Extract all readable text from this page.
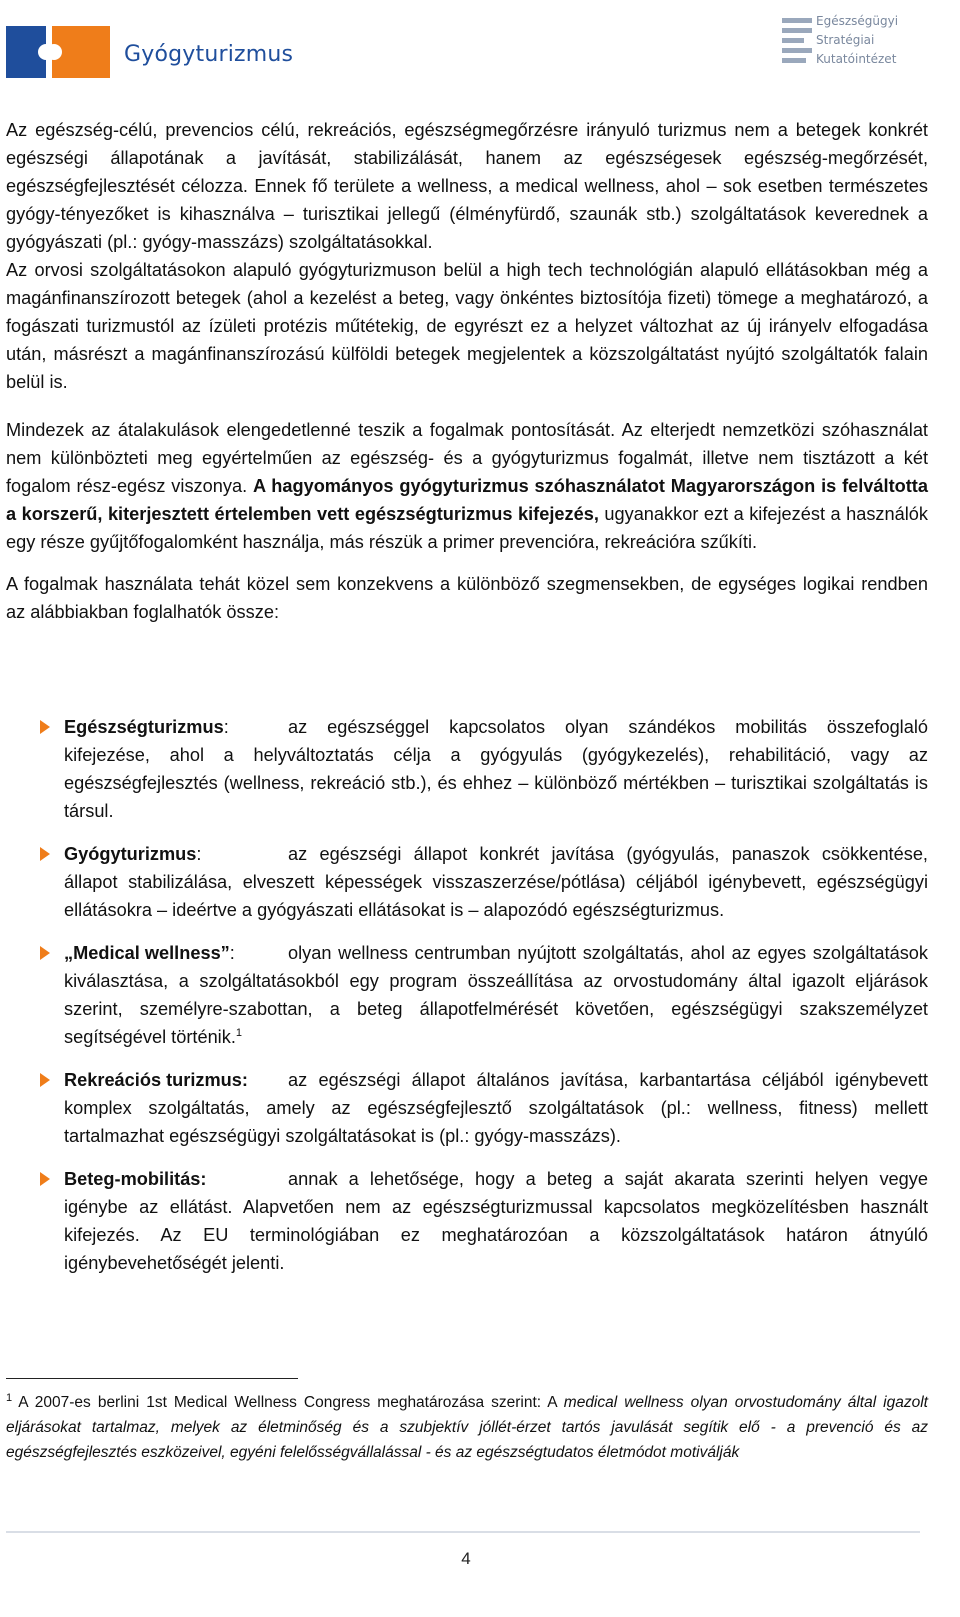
Gyógyturizmus
Egészségügyi
Stratégiai
Kutatóintézet

Az egészség-célú, prevencios célú, rekreációs, egészségmegőrzésre irányuló turizmus nem a betegek konkrét egészségi állapotának a javítását, stabilizálását, hanem az egészségesek egészség-megőrzését, egészségfejlesztését célozza. Ennek fő területe a wellness, a medical wellness, ahol – sok esetben természetes gyógy-tényezőket is kihasználva – turisztikai jellegű (élményfürdő, szaunák stb.) szolgáltatások keverednek a gyógyászati (pl.: gyógy-masszázs) szolgáltatásokkal.

Az orvosi szolgáltatásokon alapuló gyógyturizmuson belül a high tech technológián alapuló ellátásokban még a magánfinanszírozott betegek (ahol a kezelést a beteg, vagy önkéntes biztosítója fizeti) tömege a meghatározó, a fogászati turizmustól az ízületi protézis műtétekig, de egyrészt ez a helyzet változhat az új irányelv elfogadása után, másrészt a magánfinanszírozású külföldi betegek megjelentek a közszolgáltatást nyújtó szolgáltatók falain belül is.

Mindezek az átalakulások elengedetlenné teszik a fogalmak pontosítását. Az elterjedt nemzetközi szóhasználat nem különbözteti meg egyértelműen az egészség- és a gyógyturizmus fogalmát, illetve nem tisztázott a két fogalom rész-egész viszonya. A hagyományos gyógyturizmus szóhasználatot Magyarországon is felváltotta a korszerű, kiterjesztett értelemben vett egészségturizmus kifejezés, ugyanakkor ezt a kifejezést a használók egy része gyűjtőfogalomként használja, más részük a primer prevencióra, rekreációra szűkíti.

A fogalmak használata tehát közel sem konzekvens a különböző szegmensekben, de egységes logikai rendben az alábbiakban foglalhatók össze:

Egészségturizmus:	az egészséggel kapcsolatos olyan szándékos mobilitás összefoglaló kifejezése, ahol a helyváltoztatás célja a gyógyulás (gyógykezelés), rehabilitáció, vagy az egészségfejlesztés (wellness, rekreáció stb.), és ehhez – különböző mértékben – turisztikai szolgáltatás is társul.
Gyógyturizmus:	az egészségi állapot konkrét javítása (gyógyulás, panaszok csökkentése, állapot stabilizálása, elveszett képességek visszaszerzése/pótlása) céljából igénybevett, egészségügyi ellátásokra – ideértve a gyógyászati ellátásokat is – alapozódó egészségturizmus.
„Medical wellness”:	olyan wellness centrumban nyújtott szolgáltatás, ahol az egyes szolgáltatások kiválasztása, a szolgáltatásokból egy program összeállítása az orvostudomány által igazolt eljárások szerint, személyre-szabottan, a beteg állapotfelmérését követően, egészségügyi szakszemélyzet segítségével történik.$^1$
Rekreációs turizmus: az egészségi állapot általános javítása, karbantartása céljából igénybevett komplex szolgáltatás, amely az egészségfejlesztő szolgáltatások (pl.: wellness, fitness) mellett tartalmazhat egészségügyi szolgáltatásokat is (pl.: gyógy-masszázs).
Beteg-mobilitás:	annak a lehetősége, hogy a beteg a saját akarata szerinti helyen vegye igénybe az ellátást. Alapvetően nem az egészségturizmussal kapcsolatos megközelítésben használt kifejezés. Az EU terminológiában ez meghatározóan a közszolgáltatások határon átnyúló igénybevehetőségét jelenti.
$^1$ A 2007-es berlini 1st Medical Wellness Congress meghatározása szerint: A medical wellness olyan orvostudomány által igazolt eljárásokat tartalmaz, melyek az életminőség és a szubjektív jóllét-érzet tartós javulását segítik elő - a prevenció és az egészségfejlesztés eszközeivel, egyéni felelősségvállalással - és az egészségtudatos életmódot motiválják
4
